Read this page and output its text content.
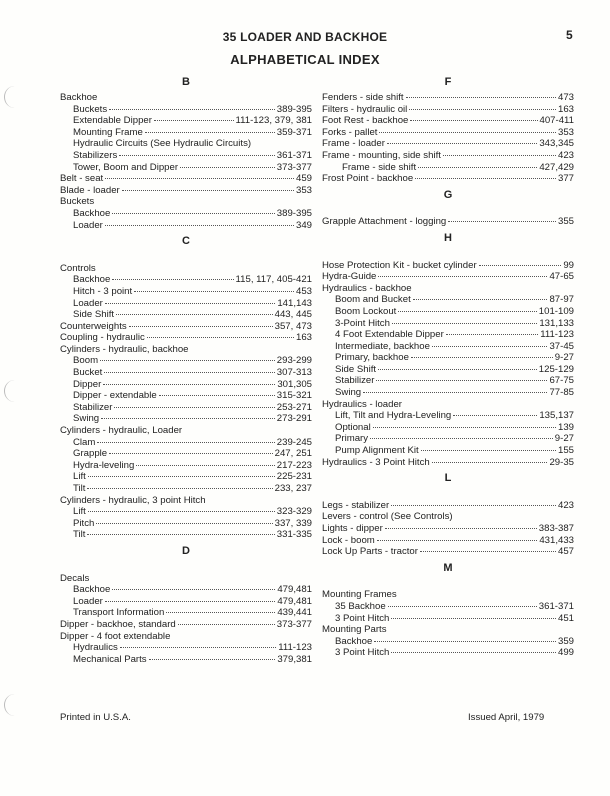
35 LOADER AND BACKHOE	5
ALPHABETICAL INDEX
B
Backhoe
Buckets	389-395
Extendable Dipper	111-123, 379, 381
Mounting Frame	359-371
Hydraulic Circuits (See Hydraulic Circuits)
Stabilizers	361-371
Tower, Boom and Dipper	373-377
Belt - seat	459
Blade - loader	353
Buckets
Backhoe	389-395
Loader	349
C
Controls
Backhoe	115, 117, 405-421
Hitch - 3 point	453
Loader	141,143
Side Shift	443, 445
Counterweights	357, 473
Coupling - hydraulic	163
Cylinders - hydraulic, backhoe
Boom	293-299
Bucket	307-313
Dipper	301,305
Dipper - extendable	315-321
Stabilizer	253-271
Swing	273-291
Cylinders - hydraulic, Loader
Clam	239-245
Grapple	247, 251
Hydra-leveling	217-223
Lift	225-231
Tilt	233, 237
Cylinders - hydraulic, 3 point Hitch
Lift	323-329
Pitch	337, 339
Tilt	331-335
D
Decals
Backhoe	479,481
Loader	479,481
Transport Information	439,441
Dipper - backhoe, standard	373-377
Dipper - 4 foot extendable
Hydraulics	111-123
Mechanical Parts	379,381
F
Fenders - side shift	473
Filters - hydraulic oil	163
Foot Rest - backhoe	407-411
Forks - pallet	353
Frame - loader	343,345
Frame - mounting, side shift	423
Frame - side shift	427,429
Frost Point - backhoe	377
G
Grapple Attachment - logging	355
H
Hose Protection Kit - bucket cylinder	99
Hydra-Guide	47-65
Hydraulics - backhoe
Boom and Bucket	87-97
Boom Lockout	101-109
3-Point Hitch	131,133
4 Foot Extendable Dipper	111-123
Intermediate, backhoe	37-45
Primary, backhoe	9-27
Side Shift	125-129
Stabilizer	67-75
Swing	77-85
Hydraulics - loader
Lift, Tilt and Hydra-Leveling	135,137
Optional	139
Primary	9-27
Pump Alignment Kit	155
Hydraulics - 3 Point Hitch	29-35
L
Legs - stabilizer	423
Levers - control (See Controls)
Lights - dipper	383-387
Lock - boom	431,433
Lock Up Parts - tractor	457
M
Mounting Frames
35 Backhoe	361-371
3 Point Hitch	451
Mounting Parts
Backhoe	359
3 Point Hitch	499
Printed in U.S.A.	Issued April, 1979
